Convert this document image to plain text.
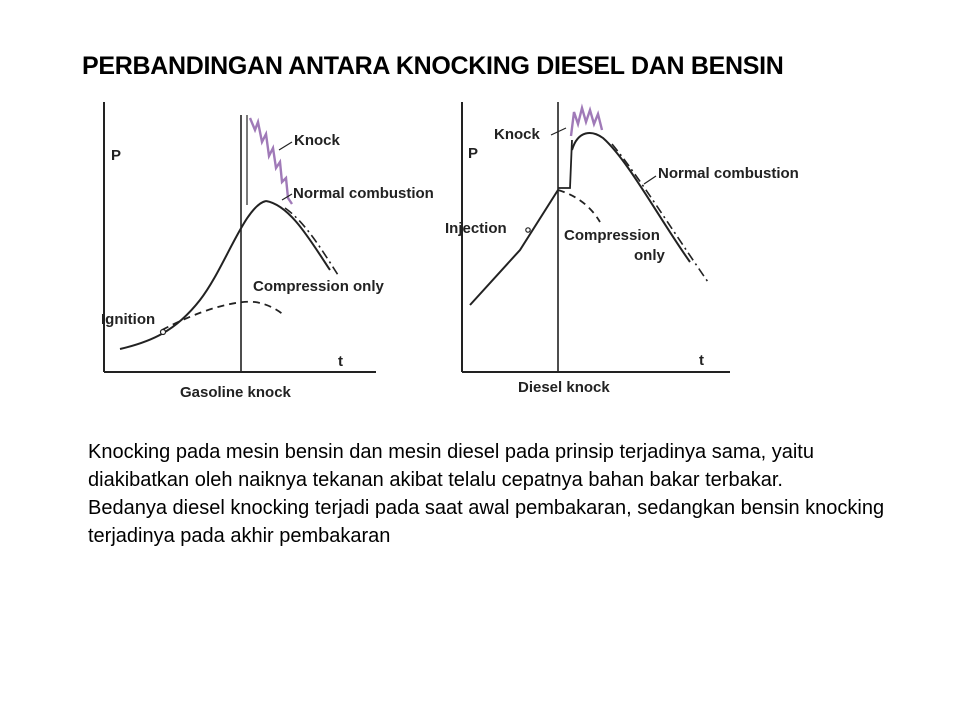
PERBANDINGAN ANTARA KNOCKING DIESEL DAN BENSIN
P
t
Knock
Normal combustion
Compression only
Ignition
Gasoline knock
P
t
Knock
Normal combustion
Compression
only
Injection
Diesel knock

Knocking pada mesin bensin dan mesin diesel pada prinsip terjadinya sama, yaitu diakibatkan oleh naiknya tekanan akibat telalu cepatnya bahan bakar terbakar.

Bedanya diesel knocking terjadi pada saat awal pembakaran, sedangkan bensin knocking terjadinya pada akhir pembakaran
